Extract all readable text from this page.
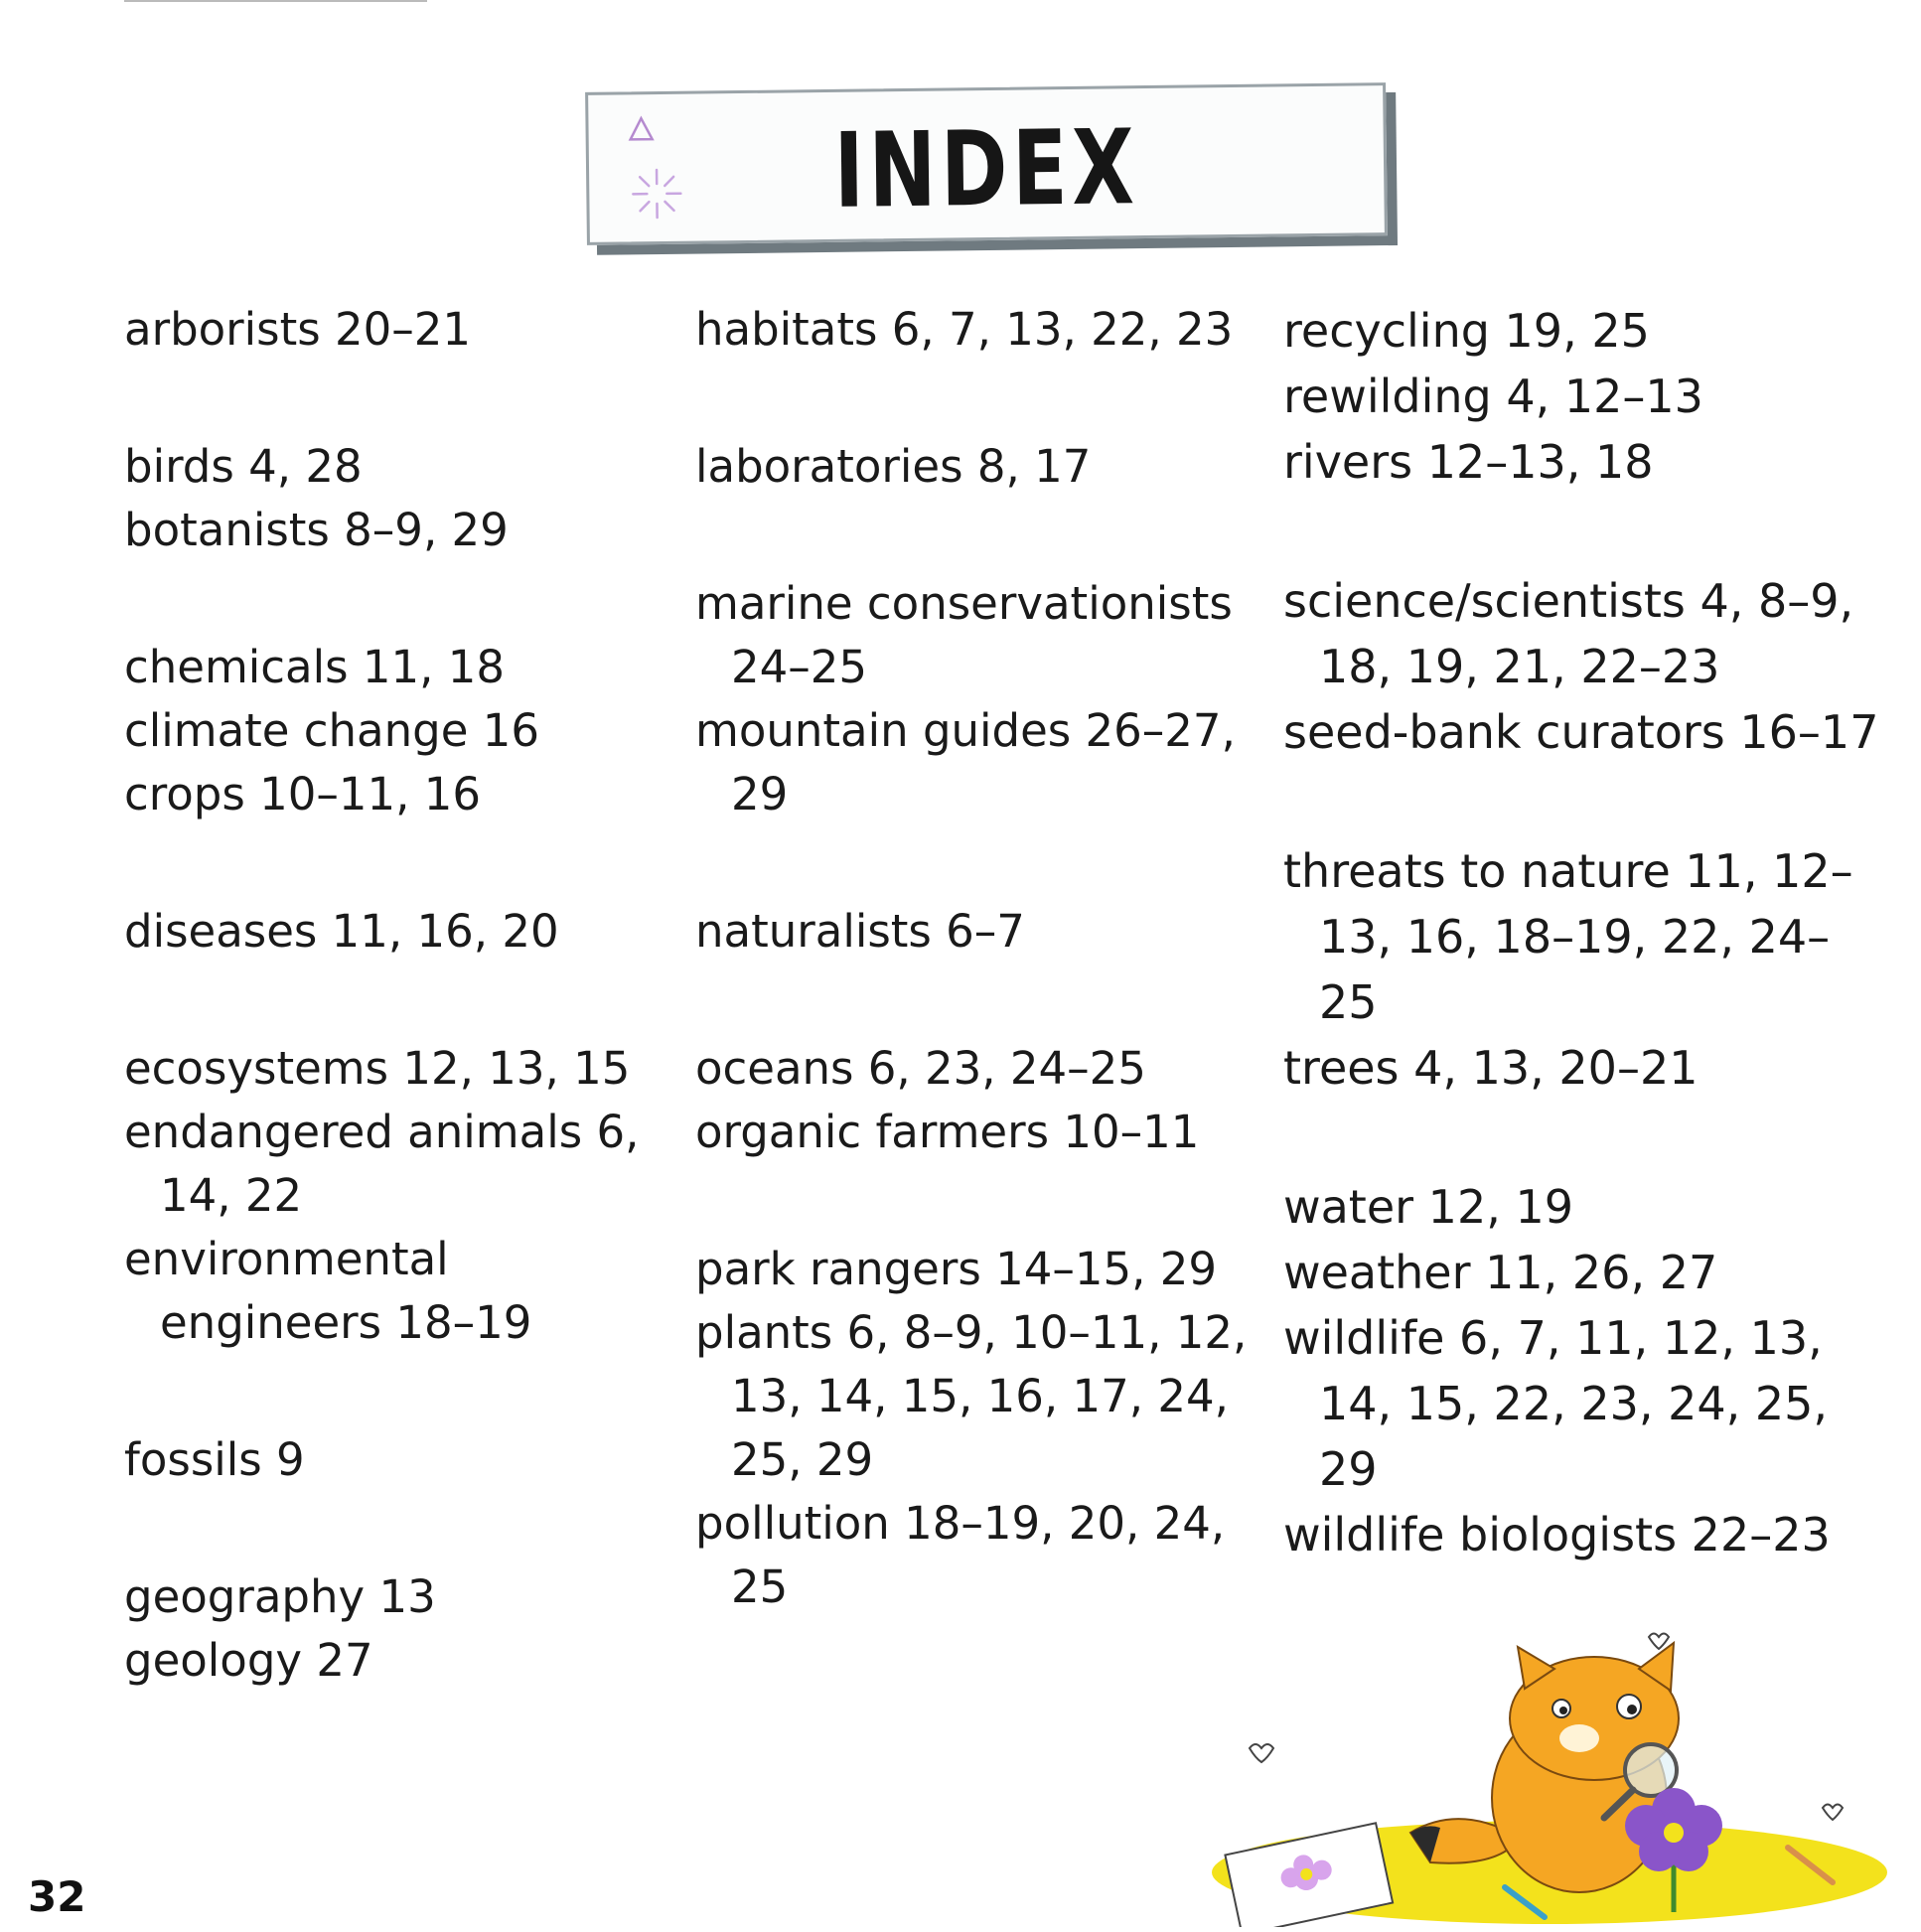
INDEX
arborists 20–21
birds 4, 28
botanists 8–9, 29
chemicals 11, 18
climate change 16
crops 10–11, 16
diseases 11, 16, 20
ecosystems 12, 13, 15
endangered animals 6, 14, 22
environmental engineers 18–19
fossils 9
geography 13
geology 27
habitats 6, 7, 13, 22, 23
laboratories 8, 17
marine conservationists 24–25
mountain guides 26–27, 29
naturalists 6–7
oceans 6, 23, 24–25
organic farmers 10–11
park rangers 14–15, 29
plants 6, 8–9, 10–11, 12, 13, 14, 15, 16, 17, 24, 25, 29
pollution 18–19, 20, 24, 25
recycling 19, 25
rewilding 4, 12–13
rivers 12–13, 18
science/scientists 4, 8–9, 18, 19, 21, 22–23
seed-bank curators 16–17
threats to nature 11, 12–13, 16, 18–19, 22, 24–25
trees 4, 13, 20–21
water 12, 19
weather 11, 26, 27
wildlife 6, 7, 11, 12, 13, 14, 15, 22, 23, 24, 25, 29
wildlife biologists 22–23
32
